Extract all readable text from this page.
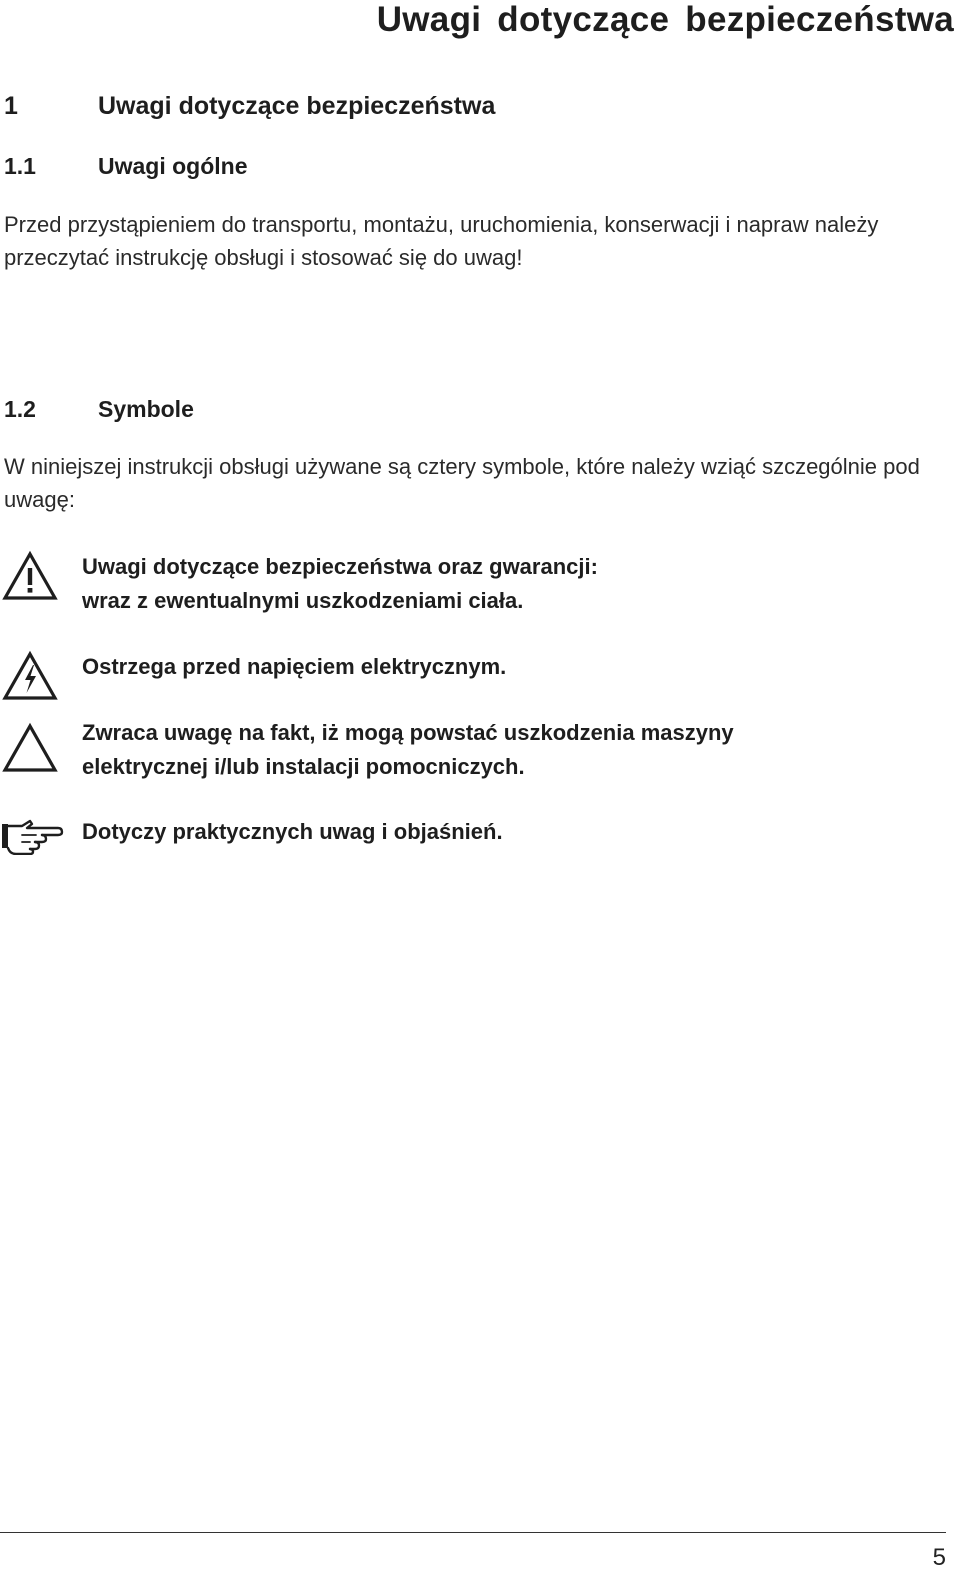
Uwagi dotyczące bezpieczeństwa
1	Uwagi dotyczące bezpieczeństwa
1.1	Uwagi ogólne
Przed przystąpieniem do transportu, montażu, uruchomienia, konserwacji i napraw należy przeczytać instrukcję obsługi i stosować się do uwag!
1.2	Symbole
W niniejszej instrukcji obsługi używane są cztery symbole, które należy wziąć szczególnie pod uwagę:
Uwagi dotyczące bezpieczeństwa oraz gwarancji:
wraz z ewentualnymi uszkodzeniami ciała.
Ostrzega przed napięciem elektrycznym.
Zwraca uwagę na fakt, iż mogą powstać uszkodzenia maszyny
elektrycznej i/lub instalacji pomocniczych.
Dotyczy praktycznych uwag i objaśnień.
5
